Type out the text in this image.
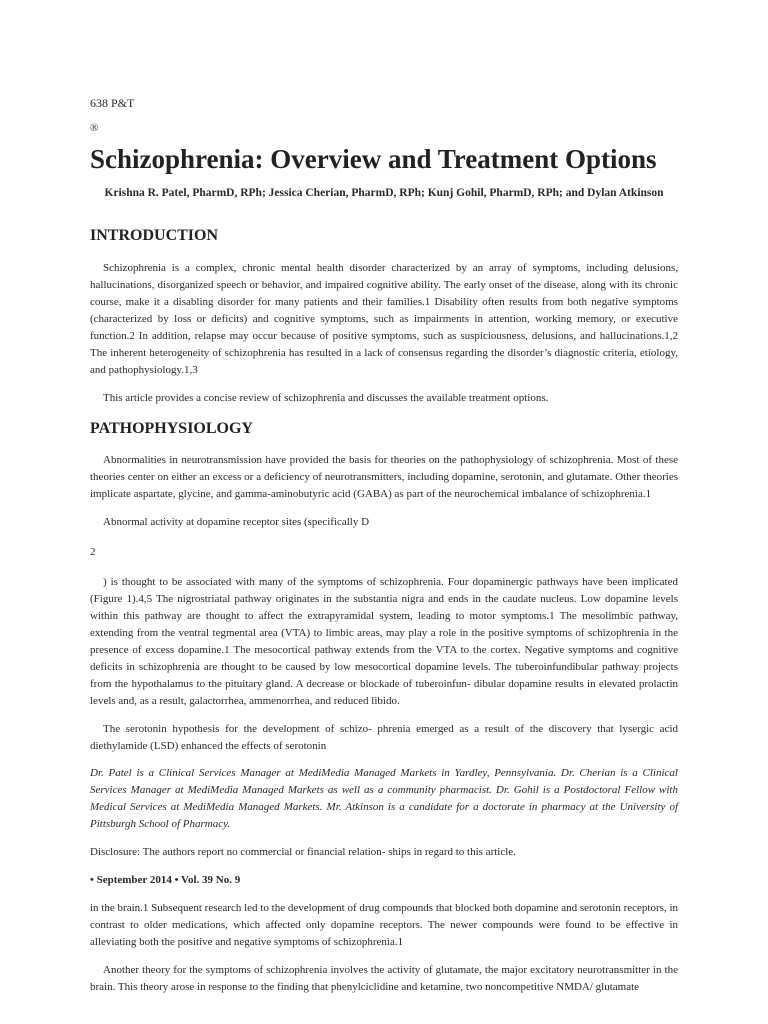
638 P&T

®

Schizophrenia: Overview and Treatment Options

Krishna R. Patel, PharmD, RPh; Jessica Cherian, PharmD, RPh; Kunj Gohil, PharmD, RPh; and Dylan Atkinson

INTRODUCTION

Schizophrenia is a complex, chronic mental health disorder characterized by an array of symptoms, including delusions, hallucinations, disorganized speech or behavior, and impaired cognitive ability. The early onset of the disease, along with its chronic course, make it a disabling disorder for many patients and their families.1 Disability often results from both negative symptoms (characterized by loss or deficits) and cognitive symptoms, such as impairments in attention, working memory, or executive function.2 In addition, relapse may occur because of positive symptoms, such as suspiciousness, delusions, and hallucinations.1,2 The inherent heterogeneity of schizophrenia has resulted in a lack of consensus regarding the disorder’s diagnostic criteria, etiology, and pathophysiology.1,3

This article provides a concise review of schizophrenia and discusses the available treatment options.

PATHOPHYSIOLOGY

Abnormalities in neurotransmission have provided the basis for theories on the pathophysiology of schizophrenia. Most of these theories center on either an excess or a deficiency of neurotransmitters, including dopamine, serotonin, and glutamate. Other theories implicate aspartate, glycine, and gamma-aminobutyric acid (GABA) as part of the neurochemical imbalance of schizophrenia.1

Abnormal activity at dopamine receptor sites (specifically D

2

) is thought to be associated with many of the symptoms of schizophrenia. Four dopaminergic pathways have been implicated (Figure 1).4,5 The nigrostriatal pathway originates in the substantia nigra and ends in the caudate nucleus. Low dopamine levels within this pathway are thought to affect the extrapyramidal system, leading to motor symptoms.1 The mesolimbic pathway, extending from the ventral tegmental area (VTA) to limbic areas, may play a role in the positive symptoms of schizophrenia in the presence of excess dopamine.1 The mesocortical pathway extends from the VTA to the cortex. Negative symptoms and cognitive deficits in schizophrenia are thought to be caused by low mesocortical dopamine levels. The tuberoinfundibular pathway projects from the hypothalamus to the pituitary gland. A decrease or blockade of tuberoinfun- dibular dopamine results in elevated prolactin levels and, as a result, galactorrhea, ammenorrhea, and reduced libido.

The serotonin hypothesis for the development of schizo- phrenia emerged as a result of the discovery that lysergic acid diethylamide (LSD) enhanced the effects of serotonin

Dr. Patel is a Clinical Services Manager at MediMedia Managed Markets in Yardley, Pennsylvania. Dr. Cherian is a Clinical Services Manager at MediMedia Managed Markets as well as a community pharmacist. Dr. Gohil is a Postdoctoral Fellow with Medical Services at MediMedia Managed Markets. Mr. Atkinson is a candidate for a doctorate in pharmacy at the University of Pittsburgh School of Pharmacy.

Disclosure: The authors report no commercial or financial relation- ships in regard to this article.

• September 2014 • Vol. 39 No. 9

in the brain.1 Subsequent research led to the development of drug compounds that blocked both dopamine and serotonin receptors, in contrast to older medications, which affected only dopamine receptors. The newer compounds were found to be effective in alleviating both the positive and negative symptoms of schizophrenia.1

Another theory for the symptoms of schizophrenia involves the activity of glutamate, the major excitatory neurotransmitter in the brain. This theory arose in response to the finding that phenylciclidine and ketamine, two noncompetitive NMDA/ glutamate
